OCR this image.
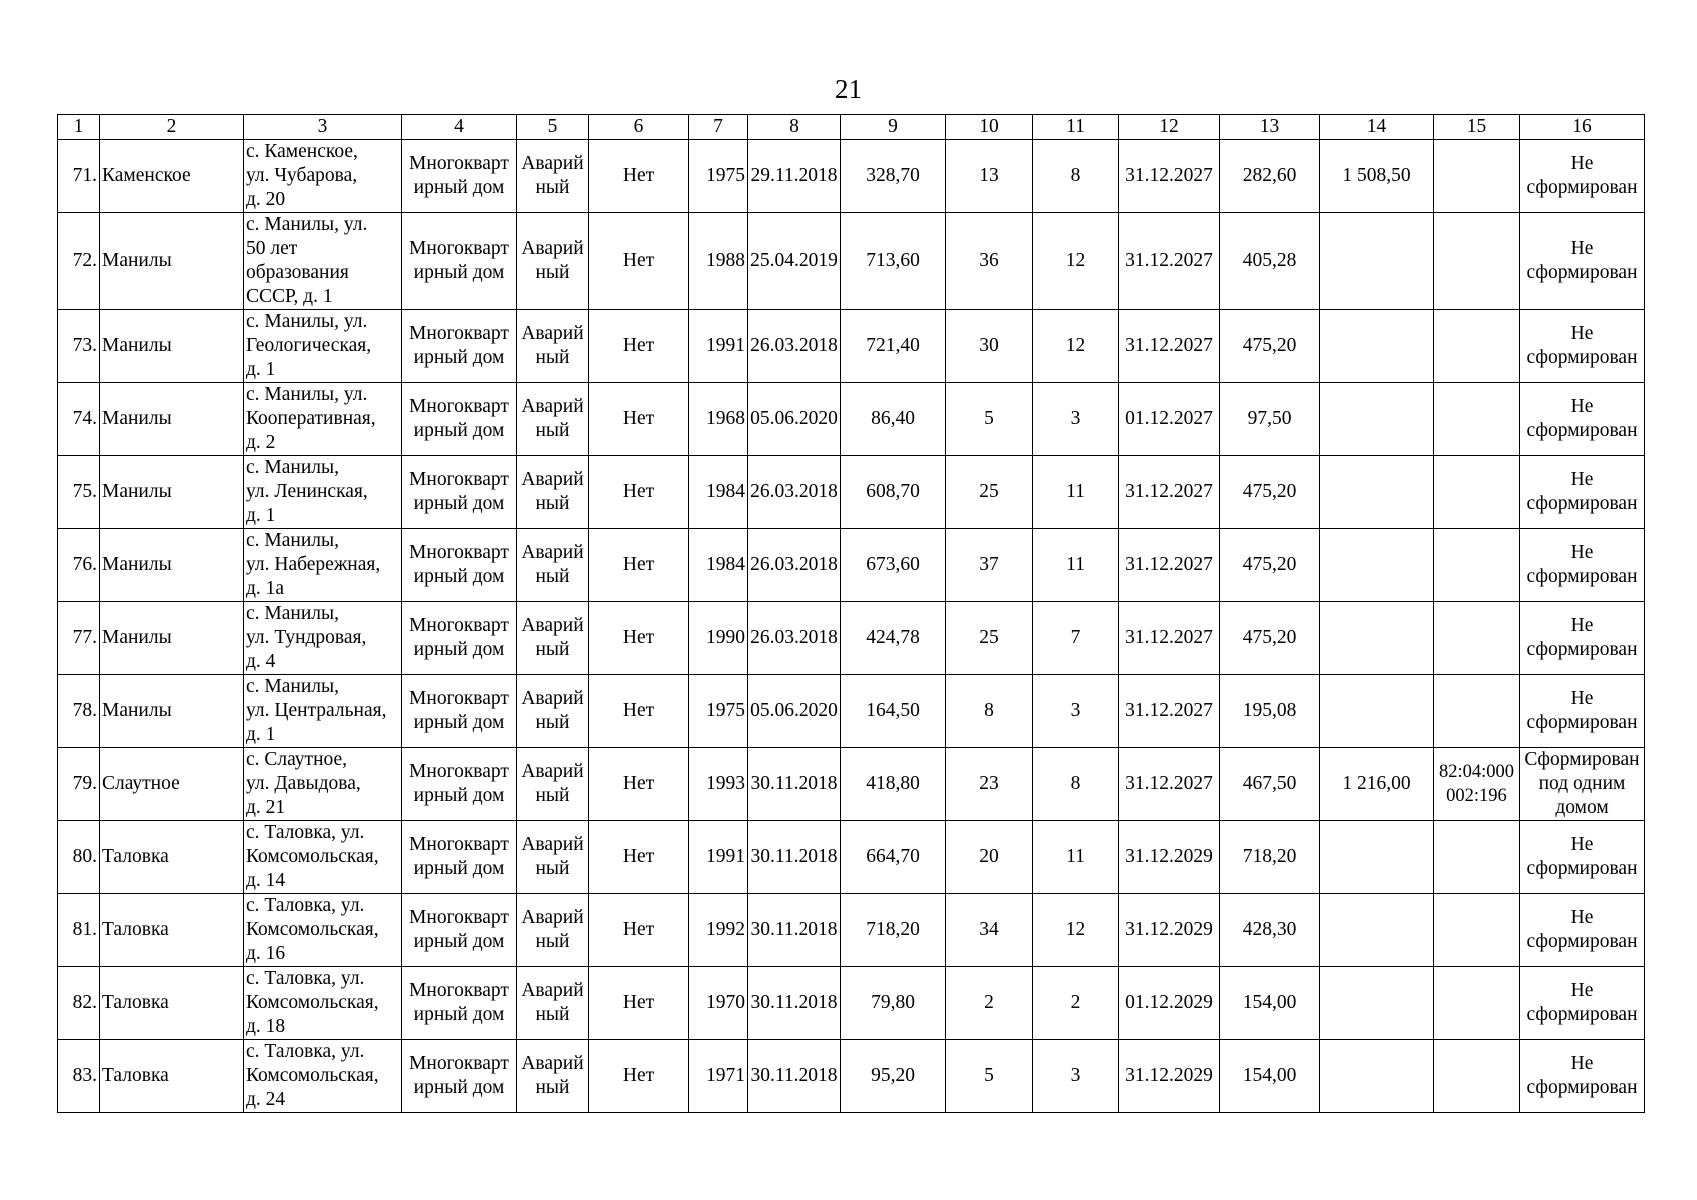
21
1	2	3	4	5	6	7	8	9	10	11	12	13	14	15	16
71.	Каменское	с. Каменское,
ул. Чубарова,
д. 20	Многокварт
ирный дом	Аварий
ный	Нет	1975	29.11.2018	328,70	13	8	31.12.2027	282,60	1 508,50		Не
сформирован
72.	Манилы	с. Манилы, ул.
50 лет
образования
СССР, д. 1	Многокварт
ирный дом	Аварий
ный	Нет	1988	25.04.2019	713,60	36	12	31.12.2027	405,28			Не
сформирован
73.	Манилы	с. Манилы, ул.
Геологическая,
д. 1	Многокварт
ирный дом	Аварий
ный	Нет	1991	26.03.2018	721,40	30	12	31.12.2027	475,20			Не
сформирован
74.	Манилы	с. Манилы, ул.
Кооперативная,
д. 2	Многокварт
ирный дом	Аварий
ный	Нет	1968	05.06.2020	86,40	5	3	01.12.2027	97,50			Не
сформирован
75.	Манилы	с. Манилы,
ул. Ленинская,
д. 1	Многокварт
ирный дом	Аварий
ный	Нет	1984	26.03.2018	608,70	25	11	31.12.2027	475,20			Не
сформирован
76.	Манилы	с. Манилы,
ул. Набережная,
д. 1а	Многокварт
ирный дом	Аварий
ный	Нет	1984	26.03.2018	673,60	37	11	31.12.2027	475,20			Не
сформирован
77.	Манилы	с. Манилы,
ул. Тундровая,
д. 4	Многокварт
ирный дом	Аварий
ный	Нет	1990	26.03.2018	424,78	25	7	31.12.2027	475,20			Не
сформирован
78.	Манилы	с. Манилы,
ул. Центральная,
д. 1	Многокварт
ирный дом	Аварий
ный	Нет	1975	05.06.2020	164,50	8	3	31.12.2027	195,08			Не
сформирован
79.	Слаутное	с. Слаутное,
ул. Давыдова,
д. 21	Многокварт
ирный дом	Аварий
ный	Нет	1993	30.11.2018	418,80	23	8	31.12.2027	467,50	1 216,00	82:04:000
002:196	Сформирован
под одним
домом
80.	Таловка	с. Таловка, ул.
Комсомольская,
д. 14	Многокварт
ирный дом	Аварий
ный	Нет	1991	30.11.2018	664,70	20	11	31.12.2029	718,20			Не
сформирован
81.	Таловка	с. Таловка, ул.
Комсомольская,
д. 16	Многокварт
ирный дом	Аварий
ный	Нет	1992	30.11.2018	718,20	34	12	31.12.2029	428,30			Не
сформирован
82.	Таловка	с. Таловка, ул.
Комсомольская,
д. 18	Многокварт
ирный дом	Аварий
ный	Нет	1970	30.11.2018	79,80	2	2	01.12.2029	154,00			Не
сформирован
83.	Таловка	с. Таловка, ул.
Комсомольская,
д. 24	Многокварт
ирный дом	Аварий
ный	Нет	1971	30.11.2018	95,20	5	3	31.12.2029	154,00			Не
сформирован
